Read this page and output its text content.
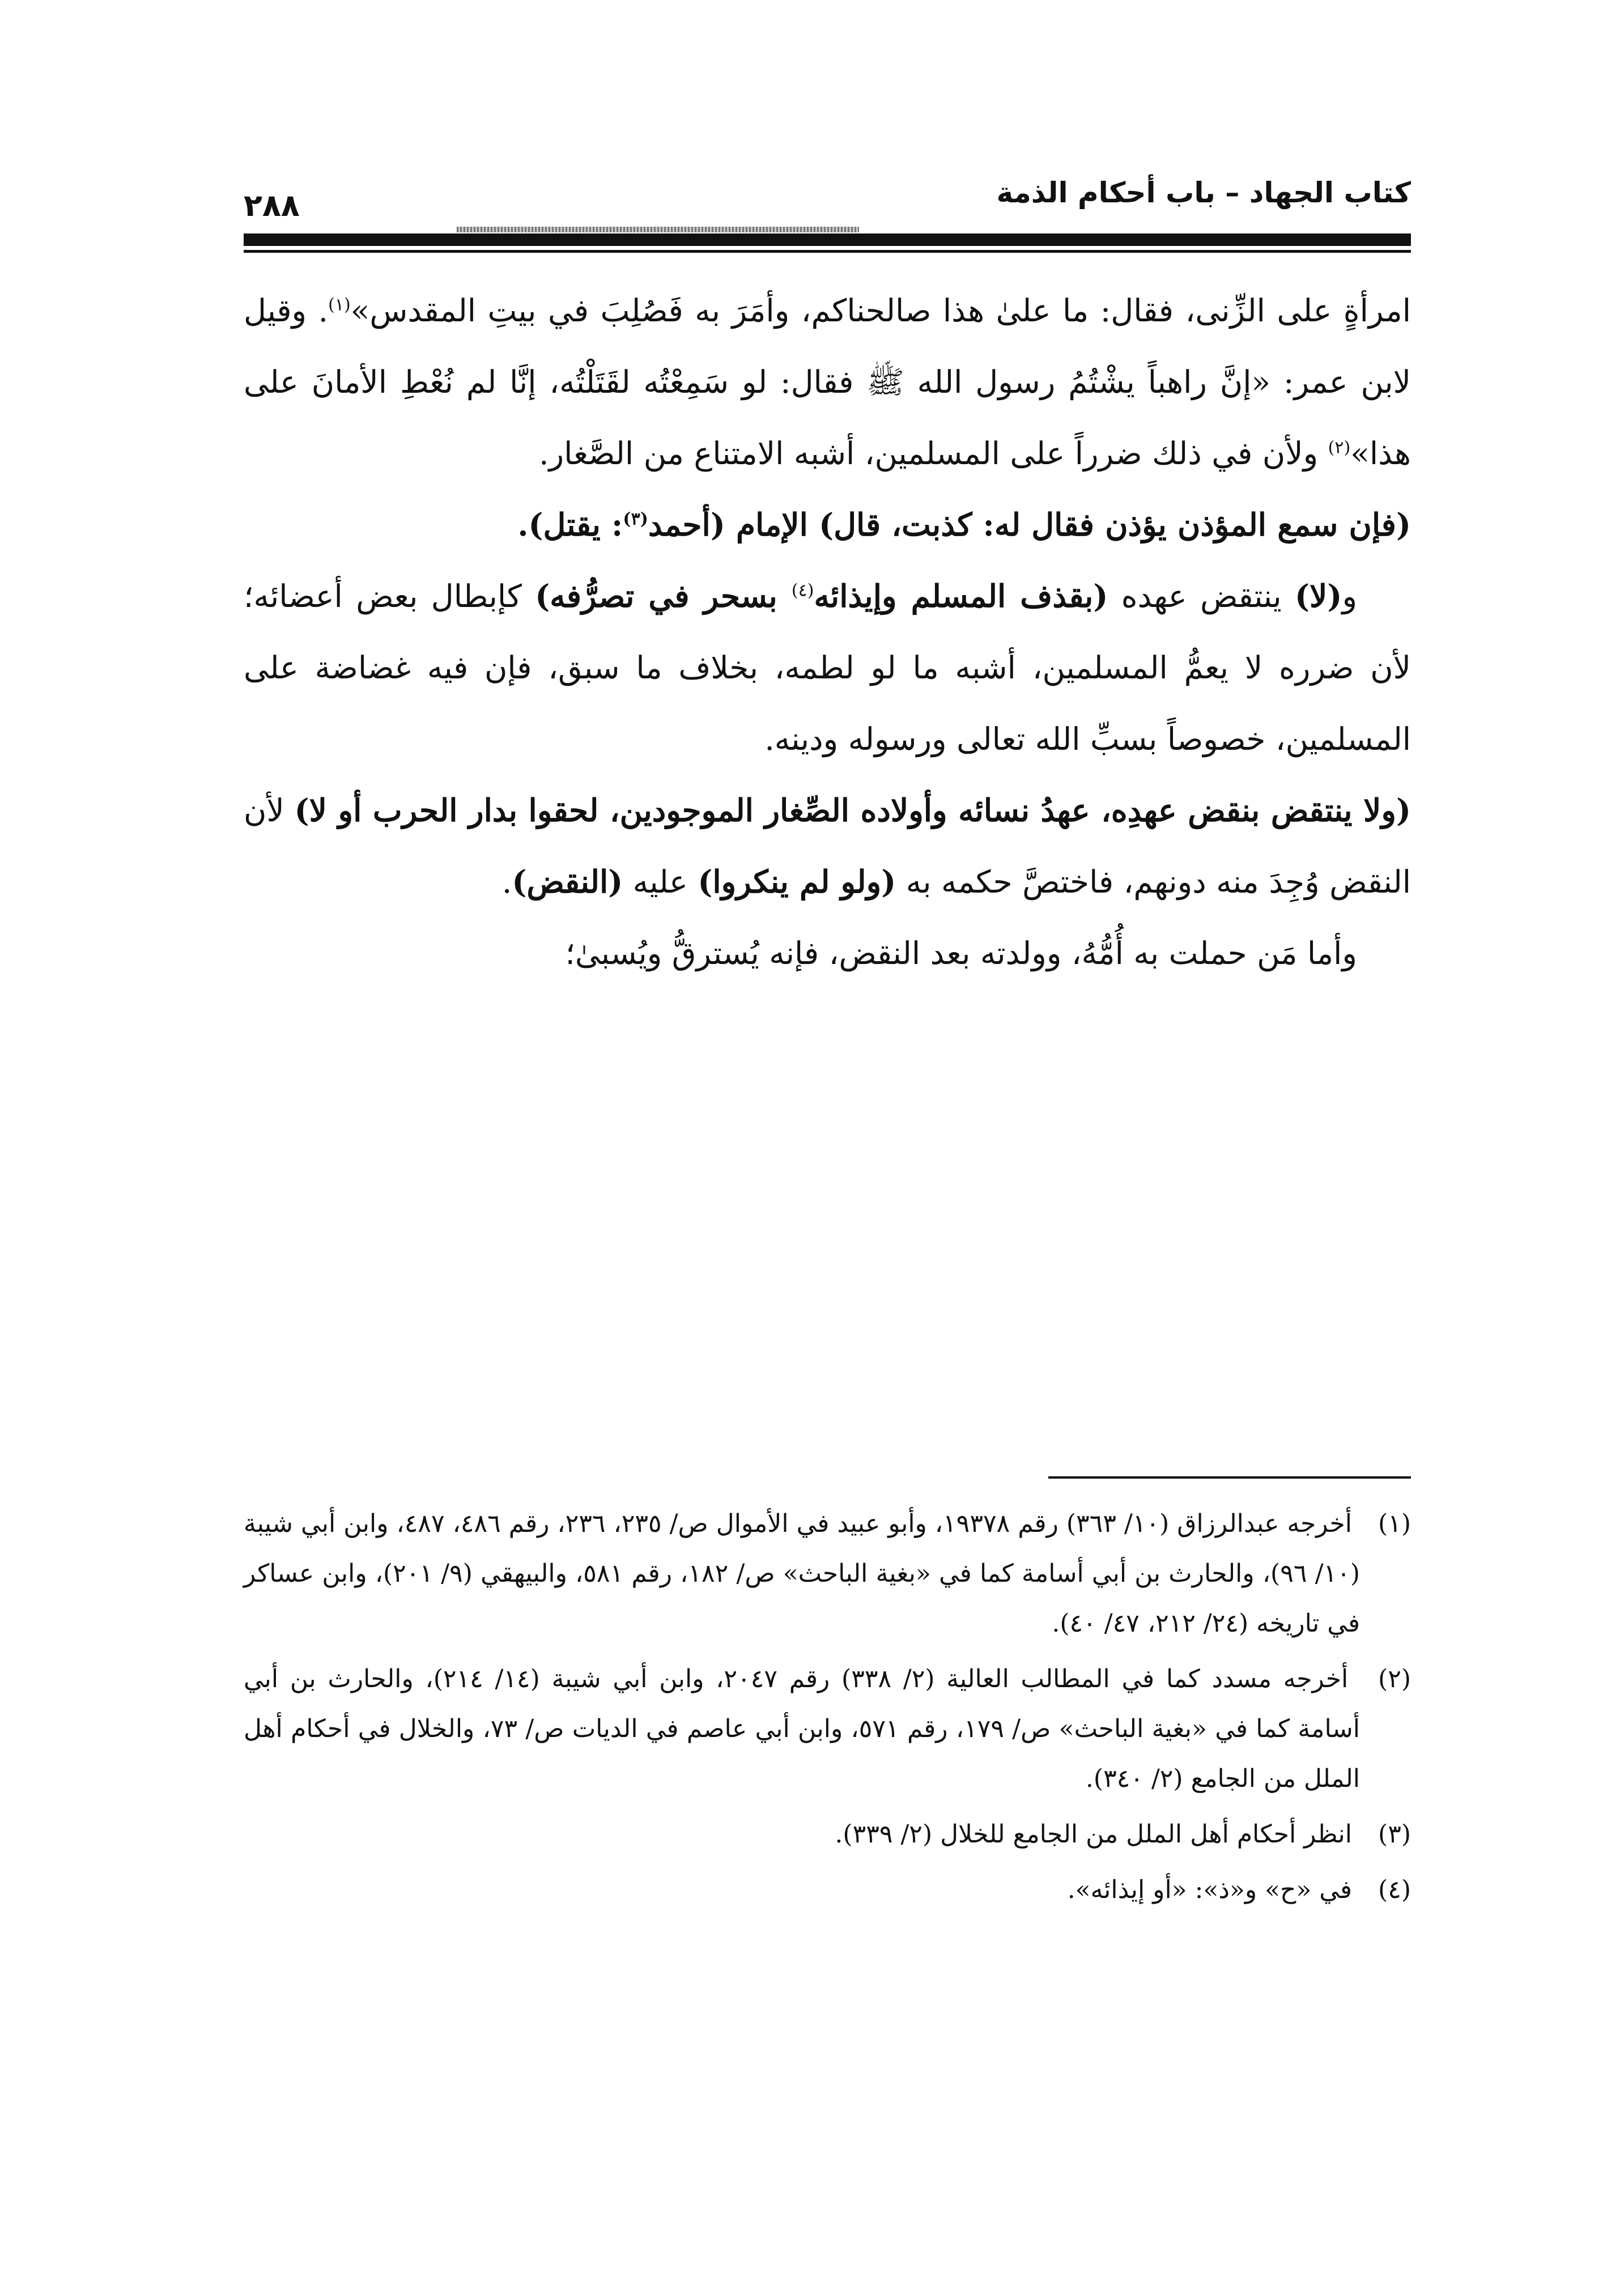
كتاب الجهاد – باب أحكام الذمة
٢٨٨

امرأةٍ على الزِّنى، فقال: ما علىٰ هذا صالحناكم، وأمَرَ به فَصُلِبَ في بيتِ المقدس»$^{(١)}$. وقيل لابن عمر: «إنَّ راهباً يشْتُمُ رسول الله ﷺ فقال: لو سَمِعْتُه لقَتَلْتُه، إنَّا لم نُعْطِ الأمانَ على هذا»$^{(٢)}$ ولأن في ذلك ضرراً على المسلمين، أشبه الامتناع من الصَّغار.

(فإن سمع المؤذن يؤذن فقال له: كذبت، قال) الإمام (أحمد$^{(٣)}$: يقتل).

و(لا) ينتقض عهده (بقذف المسلم وإيذائه$^{(٤)}$ بسحر في تصرُّفه) كإبطال بعض أعضائه؛ لأن ضرره لا يعمُّ المسلمين، أشبه ما لو لطمه، بخلاف ما سبق، فإن فيه غضاضة على المسلمين، خصوصاً بسبِّ الله تعالى ورسوله ودينه.

(ولا ينتقض بنقض عهدِه، عهدُ نسائه وأولاده الصِّغار الموجودين، لحقوا بدار الحرب أو لا) لأن النقض وُجِدَ منه دونهم، فاختصَّ حكمه به (ولو لم ينكروا) عليه (النقض).

وأما مَن حملت به أُمُّهُ، وولدته بعد النقض، فإنه يُسترقُّ ويُسبىٰ؛

(١) أخرجه عبدالرزاق (١٠/ ٣٦٣) رقم ١٩٣٧٨، وأبو عبيد في الأموال ص/ ٢٣٥، ٢٣٦، رقم ٤٨٦، ٤٨٧، وابن أبي شيبة (١٠/ ٩٦)، والحارث بن أبي أسامة كما في «بغية الباحث» ص/ ١٨٢، رقم ٥٨١، والبيهقي (٩/ ٢٠١)، وابن عساكر في تاريخه (٢٤/ ٢١٢، ٤٧/ ٤٠).

(٢) أخرجه مسدد كما في المطالب العالية (٢/ ٣٣٨) رقم ٢٠٤٧، وابن أبي شيبة (١٤/ ٢١٤)، والحارث بن أبي أسامة كما في «بغية الباحث» ص/ ١٧٩، رقم ٥٧١، وابن أبي عاصم في الديات ص/ ٧٣، والخلال في أحكام أهل الملل من الجامع (٢/ ٣٤٠).

(٣) انظر أحكام أهل الملل من الجامع للخلال (٢/ ٣٣٩).

(٤) في «ح» و«ذ»: «أو إيذائه».
